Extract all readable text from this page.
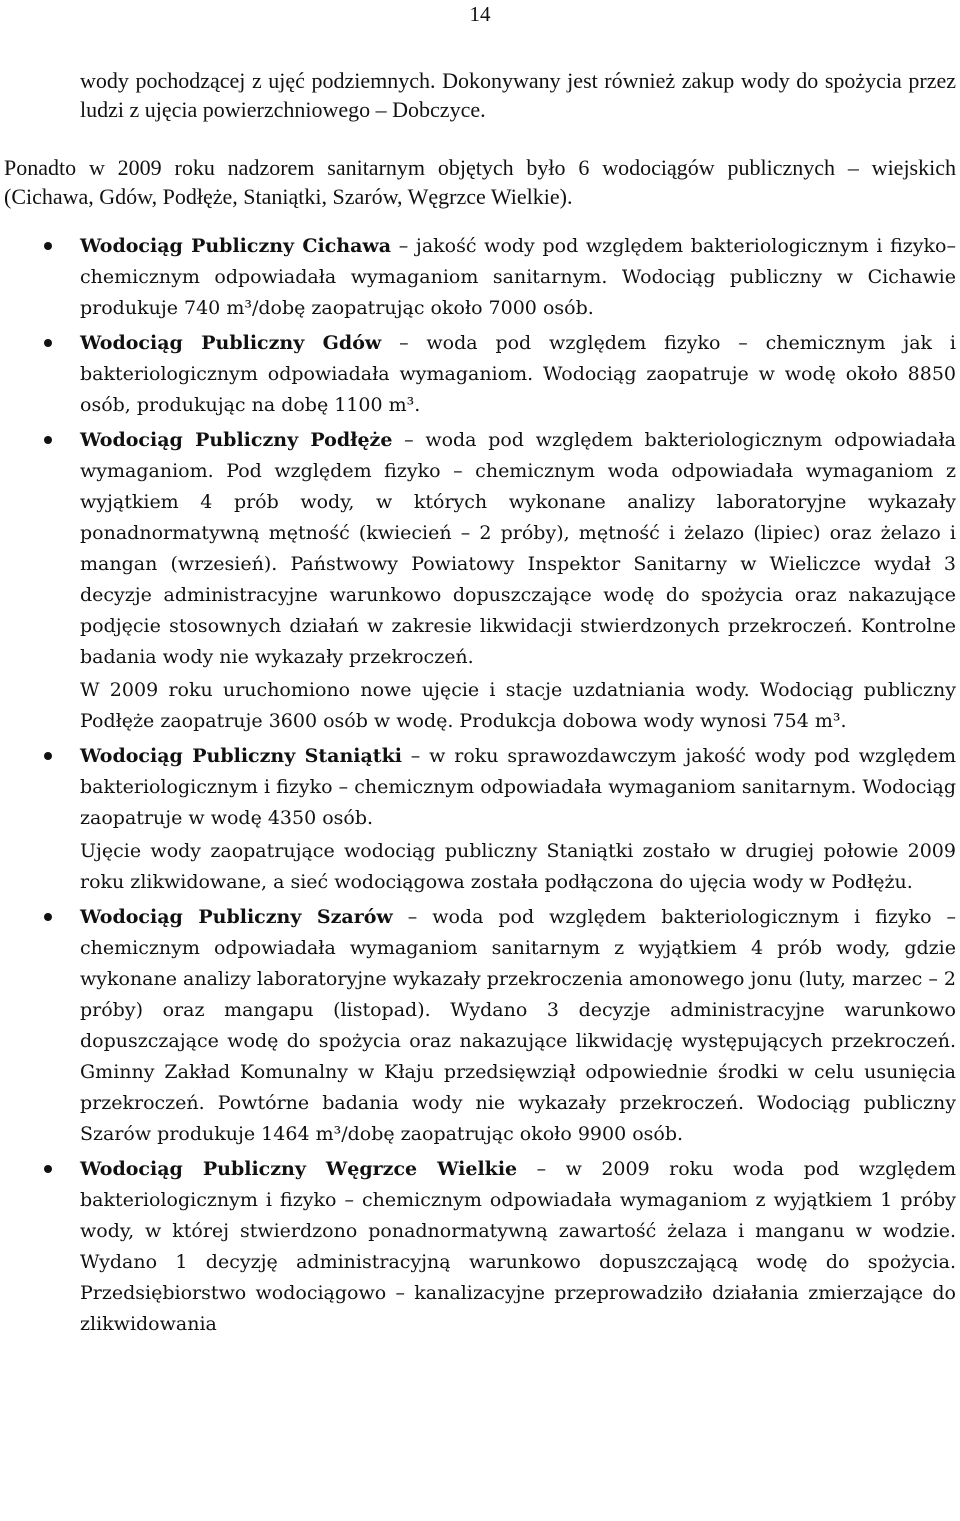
14

wody pochodzącej z ujęć podziemnych. Dokonywany jest również zakup wody do spożycia przez ludzi z ujęcia powierzchniowego – Dobczyce.

Ponadto w 2009 roku nadzorem sanitarnym objętych było 6 wodociągów publicznych – wiejskich (Cichawa, Gdów, Podłęże, Staniątki, Szarów, Węgrzce Wielkie).

Wodociąg Publiczny Cichawa – jakość wody pod względem bakteriologicznym i fizyko–chemicznym odpowiadała wymaganiom sanitarnym. Wodociąg publiczny w Cichawie produkuje 740 m³/dobę zaopatrując około 7000 osób.

Wodociąg Publiczny Gdów – woda pod względem fizyko – chemicznym jak i bakteriologicznym odpowiadała wymaganiom. Wodociąg zaopatruje w wodę około 8850 osób, produkując na dobę 1100 m³.

Wodociąg Publiczny Podłęże – woda pod względem bakteriologicznym odpowiadała wymaganiom. Pod względem fizyko – chemicznym woda odpowiadała wymaganiom z wyjątkiem 4 prób wody, w których wykonane analizy laboratoryjne wykazały ponadnormatywną mętność (kwiecień – 2 próby), mętność i żelazo (lipiec) oraz żelazo i mangan (wrzesień). Państwowy Powiatowy Inspektor Sanitarny w Wieliczce wydał 3 decyzje administracyjne warunkowo dopuszczające wodę do spożycia oraz nakazujące podjęcie stosownych działań w zakresie likwidacji stwierdzonych przekroczeń. Kontrolne badania wody nie wykazały przekroczeń.

W 2009 roku uruchomiono nowe ujęcie i stacje uzdatniania wody. Wodociąg publiczny Podłęże zaopatruje 3600 osób w wodę. Produkcja dobowa wody wynosi 754 m³.

Wodociąg Publiczny Staniątki – w roku sprawozdawczym jakość wody pod względem bakteriologicznym i fizyko – chemicznym odpowiadała wymaganiom sanitarnym. Wodociąg zaopatruje w wodę 4350 osób.

Ujęcie wody zaopatrujące wodociąg publiczny Staniątki zostało w drugiej połowie 2009 roku zlikwidowane, a sieć wodociągowa została podłączona do ujęcia wody w Podłężu.

Wodociąg Publiczny Szarów – woda pod względem bakteriologicznym i fizyko – chemicznym odpowiadała wymaganiom sanitarnym z wyjątkiem 4 prób wody, gdzie wykonane analizy laboratoryjne wykazały przekroczenia amonowego jonu (luty, marzec – 2 próby) oraz mangapu (listopad). Wydano 3 decyzje administracyjne warunkowo dopuszczające wodę do spożycia oraz nakazujące likwidację występujących przekroczeń. Gminny Zakład Komunalny w Kłaju przedsięwziął odpowiednie środki w celu usunięcia przekroczeń. Powtórne badania wody nie wykazały przekroczeń. Wodociąg publiczny Szarów produkuje 1464 m³/dobę zaopatrując około 9900 osób.

Wodociąg Publiczny Węgrzce Wielkie – w 2009 roku woda pod względem bakteriologicznym i fizyko – chemicznym odpowiadała wymaganiom z wyjątkiem 1 próby wody, w której stwierdzono ponadnormatywną zawartość żelaza i manganu w wodzie. Wydano 1 decyzję administracyjną warunkowo dopuszczającą wodę do spożycia. Przedsiębiorstwo wodociągowo – kanalizacyjne przeprowadziło działania zmierzające do zlikwidowania
